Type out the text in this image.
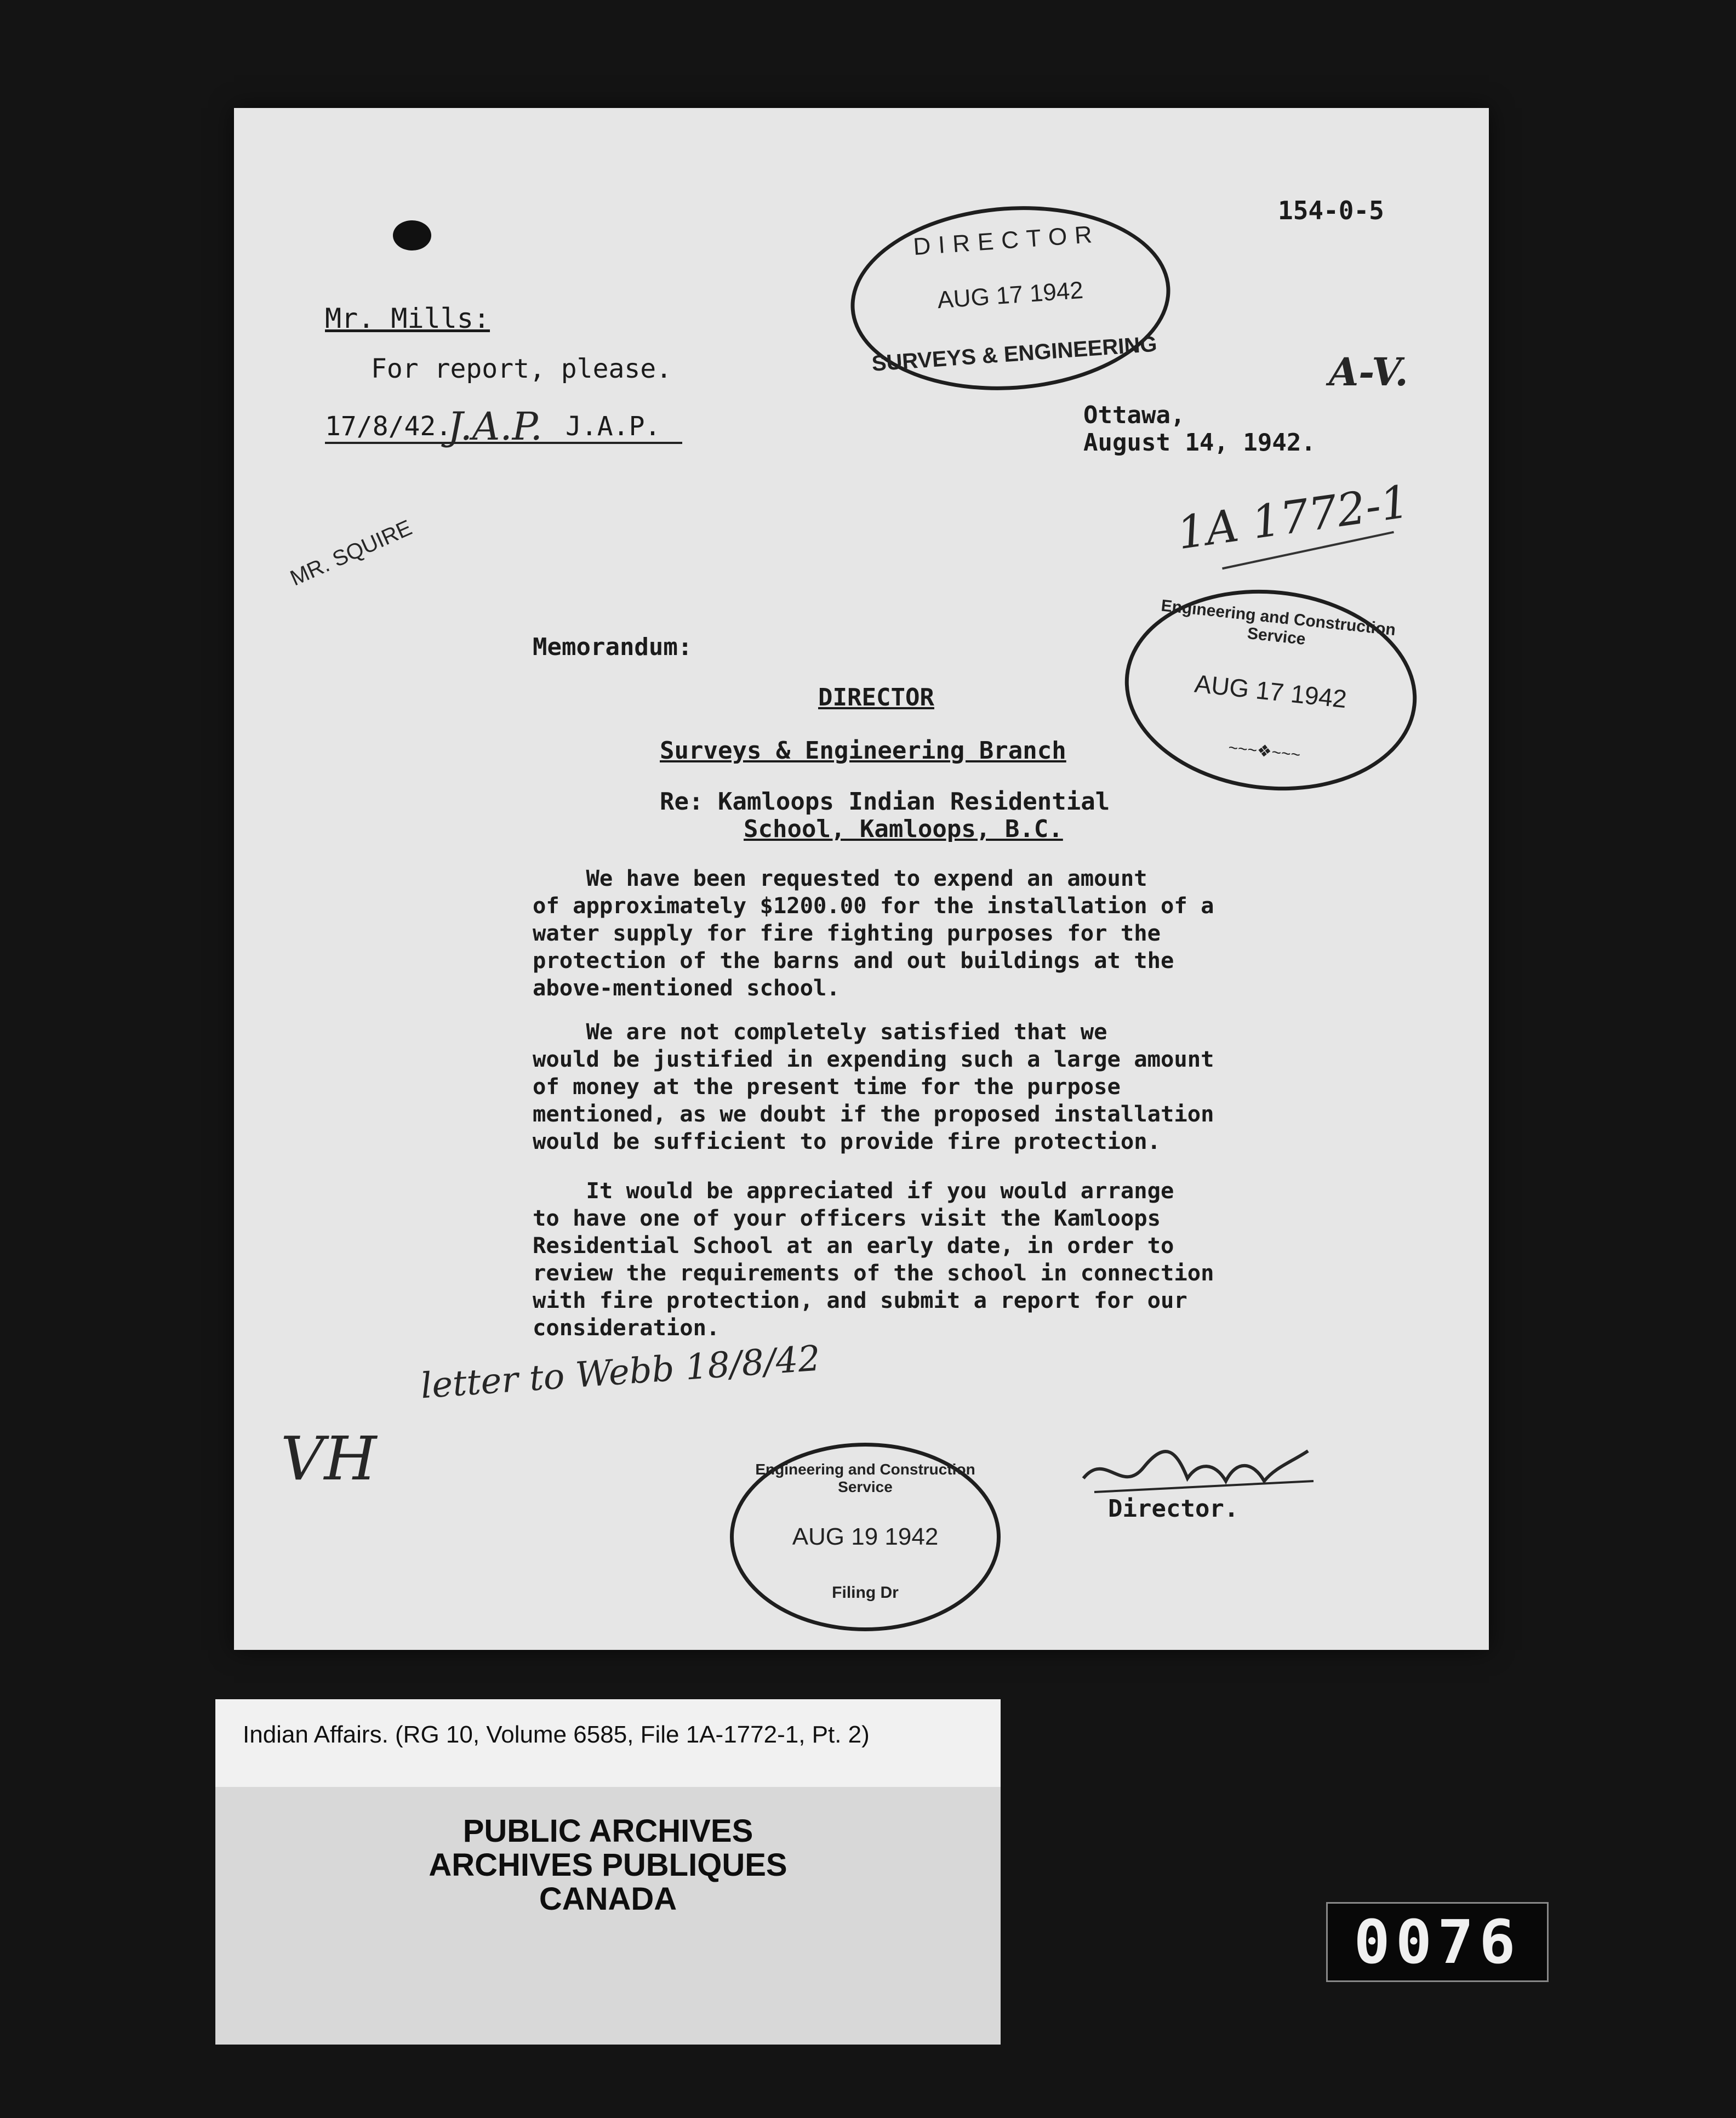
154-0-5
Mr. Mills:
For report, please.
17/8/42.	J.A.P.
J.A.P.	Ottawa,
August 14, 1942.
A-V.
1A 1772-1
MR. SQUIRE
Memorandum:
DIRECTOR
Surveys & Engineering Branch
Re: Kamloops Indian Residential
School, Kamloops, B.C.
We have been requested to expend an amount
of approximately $1200.00 for the installation of a
water supply for fire fighting purposes for the
protection of the barns and out buildings at the
above-mentioned school.
We are not completely satisfied that we
would be justified in expending such a large amount
of money at the present time for the purpose
mentioned, as we doubt if the proposed installation
would be sufficient to provide fire protection.
It would be appreciated if you would arrange
to have one of your officers visit the Kamloops
Residential School at an early date, in order to
review the requirements of the school in connection
with fire protection, and submit a report for our
consideration.
letter to Webb 18/8/42
VH
Director.
DIRECTOR
AUG 17 1942
SURVEYS & ENGINEERING
Engineering and Construction Service
AUG 17 1942
~~~❖~~~
Engineering and Construction Service
AUG 19 1942
Filing Dr
PUBLIC ARCHIVES
ARCHIVES PUBLIQUES
CANADA
Indian Affairs. (RG 10, Volume 6585, File 1A-1772-1, Pt. 2)
0076
